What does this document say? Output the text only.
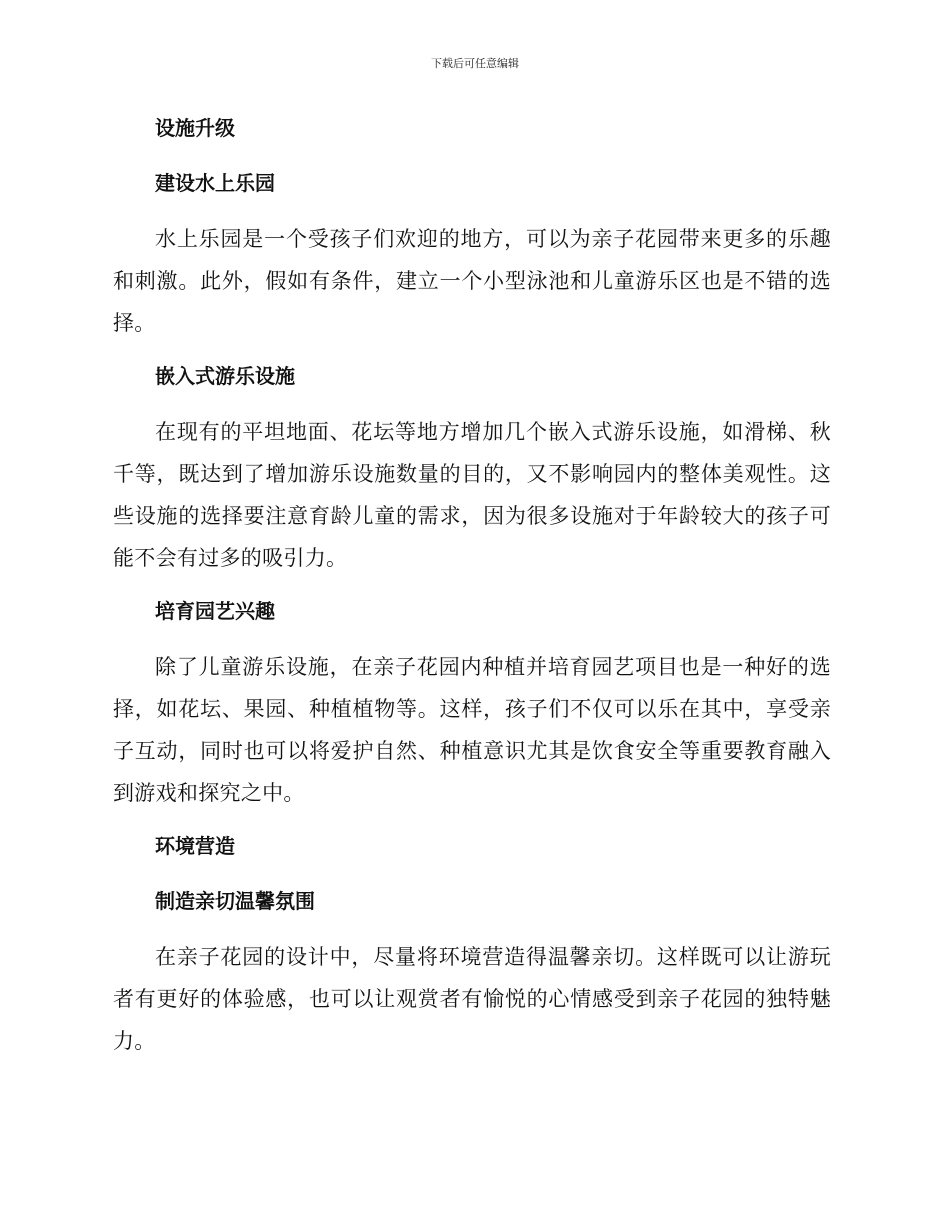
下载后可任意编辑
设施升级
建设水上乐园

水上乐园是一个受孩子们欢迎的地方，可以为亲子花园带来更多的乐趣和刺激。此外，假如有条件，建立一个小型泳池和儿童游乐区也是不错的选择。

嵌入式游乐设施

在现有的平坦地面、花坛等地方增加几个嵌入式游乐设施，如滑梯、秋千等，既达到了增加游乐设施数量的目的，又不影响园内的整体美观性。这些设施的选择要注意育龄儿童的需求，因为很多设施对于年龄较大的孩子可能不会有过多的吸引力。

培育园艺兴趣

除了儿童游乐设施，在亲子花园内种植并培育园艺项目也是一种好的选择，如花坛、果园、种植植物等。这样，孩子们不仅可以乐在其中，享受亲子互动，同时也可以将爱护自然、种植意识尤其是饮食安全等重要教育融入到游戏和探究之中。

环境营造
制造亲切温馨氛围

在亲子花园的设计中，尽量将环境营造得温馨亲切。这样既可以让游玩者有更好的体验感，也可以让观赏者有愉悦的心情感受到亲子花园的独特魅力。
